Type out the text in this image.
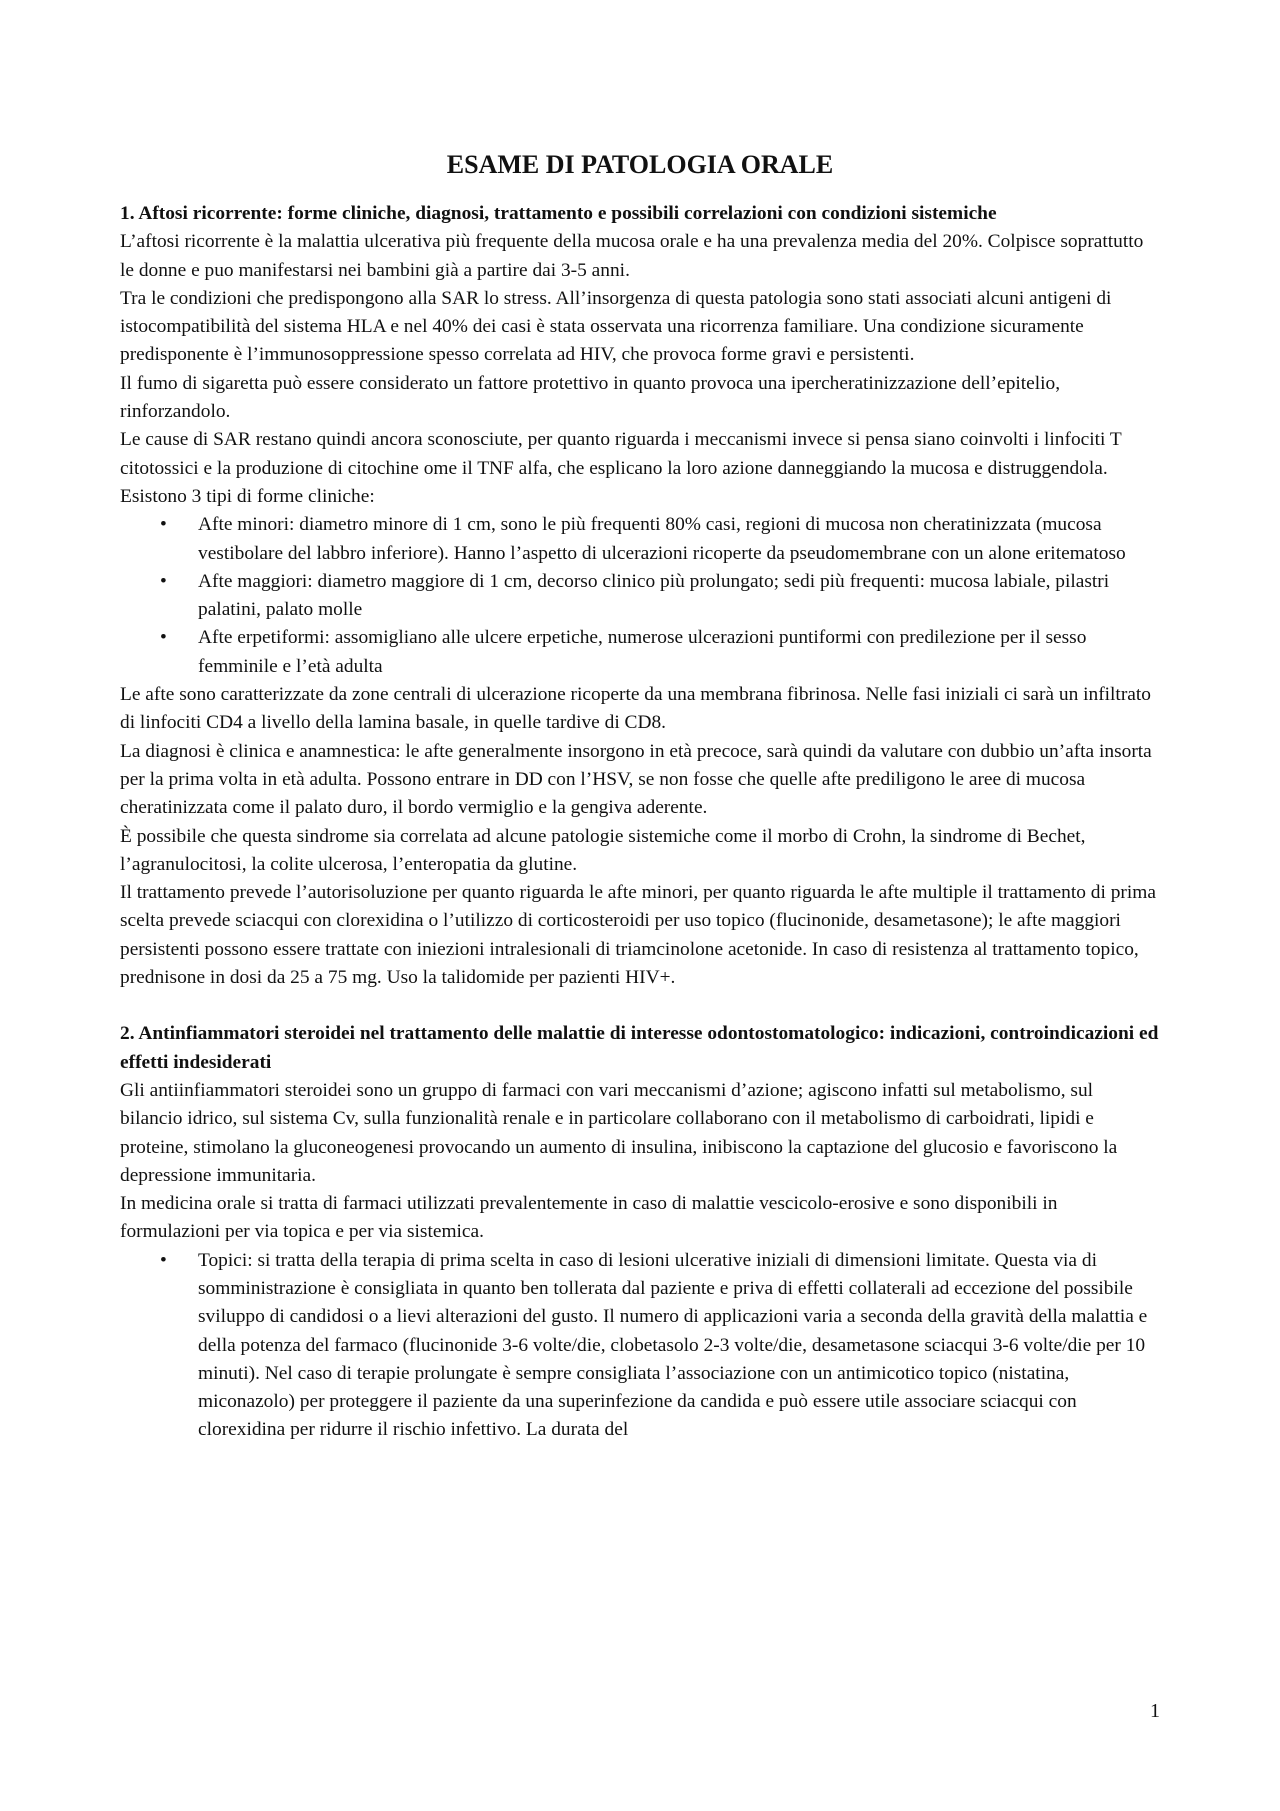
ESAME DI PATOLOGIA ORALE

1. Aftosi ricorrente: forme cliniche, diagnosi, trattamento e possibili correlazioni con condizioni sistemiche

L’aftosi ricorrente è la malattia ulcerativa più frequente della mucosa orale e ha una prevalenza media del 20%. Colpisce soprattutto le donne e puo manifestarsi nei bambini già a partire dai 3-5 anni.

Tra le condizioni che predispongono alla SAR lo stress. All’insorgenza di questa patologia sono stati associati alcuni antigeni di istocompatibilità del sistema HLA e nel 40% dei casi è stata osservata una ricorrenza familiare. Una condizione sicuramente predisponente è l’immunosoppressione spesso correlata ad HIV, che provoca forme gravi e persistenti.

Il fumo di sigaretta può essere considerato un fattore protettivo in quanto provoca una ipercheratinizzazione dell’epitelio, rinforzandolo.

Le cause di SAR restano quindi ancora sconosciute, per quanto riguarda i meccanismi invece si pensa siano coinvolti i linfociti T citotossici e la produzione di citochine ome il TNF alfa, che esplicano la loro azione danneggiando la mucosa e distruggendola.

Esistono 3 tipi di forme cliniche:

• Afte minori: diametro minore di 1 cm, sono le più frequenti 80% casi, regioni di mucosa non cheratinizzata (mucosa vestibolare del labbro inferiore). Hanno l’aspetto di ulcerazioni ricoperte da pseudomembrane con un alone eritematoso
• Afte maggiori: diametro maggiore di 1 cm, decorso clinico più prolungato; sedi più frequenti: mucosa labiale, pilastri palatini, palato molle
• Afte erpetiformi: assomigliano alle ulcere erpetiche, numerose ulcerazioni puntiformi con predilezione per il sesso femminile e l’età adulta

Le afte sono caratterizzate da zone centrali di ulcerazione ricoperte da una membrana fibrinosa. Nelle fasi iniziali ci sarà un infiltrato di linfociti CD4 a livello della lamina basale, in quelle tardive di CD8.

La diagnosi è clinica e anamnestica: le afte generalmente insorgono in età precoce, sarà quindi da valutare con dubbio un’afta insorta per la prima volta in età adulta. Possono entrare in DD con l’HSV, se non fosse che quelle afte prediligono le aree di mucosa cheratinizzata come il palato duro, il bordo vermiglio e la gengiva aderente.

È possibile che questa sindrome sia correlata ad alcune patologie sistemiche come il morbo di Crohn, la sindrome di Bechet, l’agranulocitosi, la colite ulcerosa, l’enteropatia da glutine.

Il trattamento prevede l’autorisoluzione per quanto riguarda le afte minori, per quanto riguarda le afte multiple il trattamento di prima scelta prevede sciacqui con clorexidina o l’utilizzo di corticosteroidi per uso topico (flucinonide, desametasone); le afte maggiori persistenti possono essere trattate con iniezioni intralesionali di triamcinolone acetonide. In caso di resistenza al trattamento topico, prednisone in dosi da 25 a 75 mg. Uso la talidomide per pazienti HIV+.

2. Antinfiammatori steroidei nel trattamento delle malattie di interesse odontostomatologico: indicazioni, controindicazioni ed effetti indesiderati

Gli antiinfiammatori steroidei sono un gruppo di farmaci con vari meccanismi d’azione; agiscono infatti sul metabolismo, sul bilancio idrico, sul sistema Cv, sulla funzionalità renale e in particolare collaborano con il metabolismo di carboidrati, lipidi e proteine, stimolano la gluconeogenesi provocando un aumento di insulina, inibiscono la captazione del glucosio e favoriscono la depressione immunitaria.

In medicina orale si tratta di farmaci utilizzati prevalentemente in caso di malattie vescicolo-erosive e sono disponibili in formulazioni per via topica e per via sistemica.

• Topici: si tratta della terapia di prima scelta in caso di lesioni ulcerative iniziali di dimensioni limitate. Questa via di somministrazione è consigliata in quanto ben tollerata dal paziente e priva di effetti collaterali ad eccezione del possibile sviluppo di candidosi o a lievi alterazioni del gusto. Il numero di applicazioni varia a seconda della gravità della malattia e della potenza del farmaco (flucinonide 3-6 volte/die, clobetasolo 2-3 volte/die, desametasone sciacqui 3-6 volte/die per 10 minuti). Nel caso di terapie prolungate è sempre consigliata l’associazione con un antimicotico topico (nistatina, miconazolo) per proteggere il paziente da una superinfezione da candida e può essere utile associare sciacqui con clorexidina per ridurre il rischio infettivo. La durata del
1
